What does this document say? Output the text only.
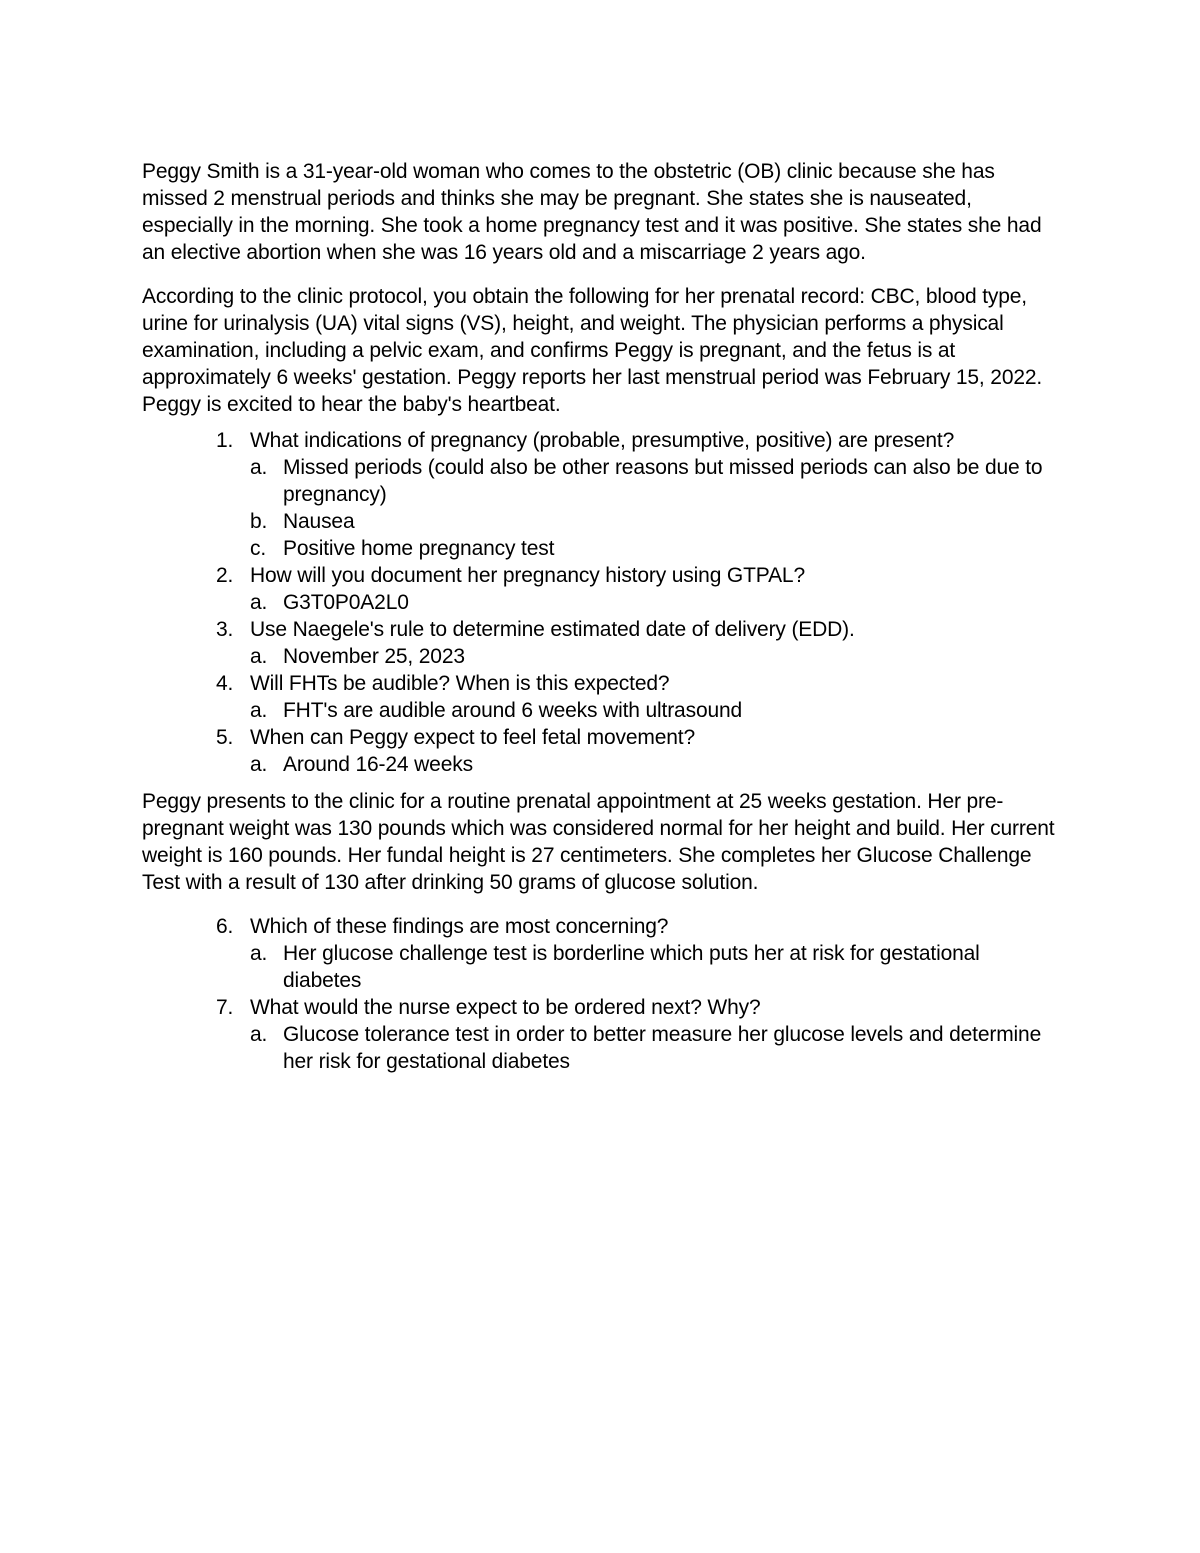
Peggy Smith is a 31-year-old woman who comes to the obstetric (OB) clinic because she has missed 2 menstrual periods and thinks she may be pregnant. She states she is nauseated, especially in the morning. She took a home pregnancy test and it was positive. She states she had an elective abortion when she was 16 years old and a miscarriage 2 years ago.

According to the clinic protocol, you obtain the following for her prenatal record: CBC, blood type, urine for urinalysis (UA) vital signs (VS), height, and weight. The physician performs a physical examination, including a pelvic exam, and confirms Peggy is pregnant, and the fetus is at approximately 6 weeks' gestation. Peggy reports her last menstrual period was February 15, 2022. Peggy is excited to hear the baby's heartbeat.

1. What indications of pregnancy (probable, presumptive, positive) are present?
a. Missed periods (could also be other reasons but missed periods can also be due to pregnancy)
b. Nausea
c. Positive home pregnancy test
2. How will you document her pregnancy history using GTPAL?
a. G3T0P0A2L0
3. Use Naegele's rule to determine estimated date of delivery (EDD).
a. November 25, 2023
4. Will FHTs be audible? When is this expected?
a. FHT's are audible around 6 weeks with ultrasound
5. When can Peggy expect to feel fetal movement?
a. Around 16-24 weeks

Peggy presents to the clinic for a routine prenatal appointment at 25 weeks gestation. Her pre-pregnant weight was 130 pounds which was considered normal for her height and build. Her current weight is 160 pounds. Her fundal height is 27 centimeters. She completes her Glucose Challenge Test with a result of 130 after drinking 50 grams of glucose solution.

6. Which of these findings are most concerning?
a. Her glucose challenge test is borderline which puts her at risk for gestational diabetes
7. What would the nurse expect to be ordered next? Why?
a. Glucose tolerance test in order to better measure her glucose levels and determine her risk for gestational diabetes
